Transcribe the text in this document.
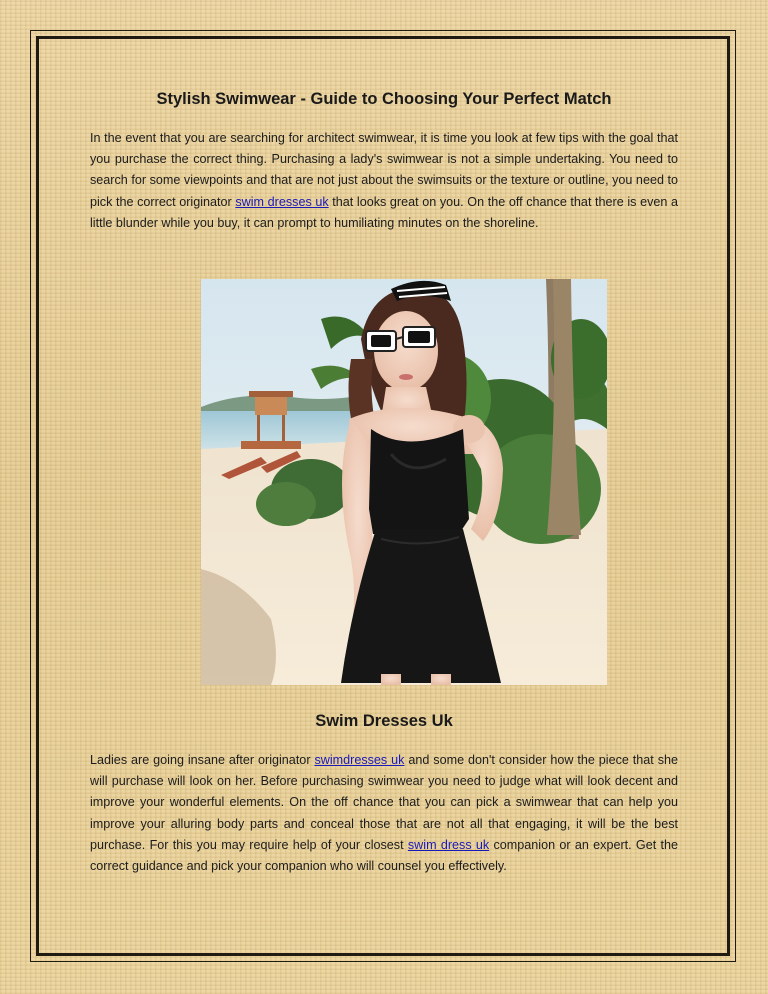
Stylish Swimwear - Guide to Choosing Your Perfect Match

In the event that you are searching for architect swimwear, it is time you look at few tips with the goal that you purchase the correct thing. Purchasing a lady's swimwear is not a simple undertaking. You need to search for some viewpoints and that are not just about the swimsuits or the texture or outline, you need to pick the correct originator swim dresses uk that looks great on you. On the off chance that there is even a little blunder while you buy, it can prompt to humiliating minutes on the shoreline.

Swim Dresses Uk

Ladies are going insane after originator swimdresses uk and some don't consider how the piece that she will purchase will look on her. Before purchasing swimwear you need to judge what will look decent and improve your wonderful elements. On the off chance that you can pick a swimwear that can help you improve your alluring body parts and conceal those that are not all that engaging, it will be the best purchase. For this you may require help of your closest swim dress uk companion or an expert. Get the correct guidance and pick your companion who will counsel you effectively.
